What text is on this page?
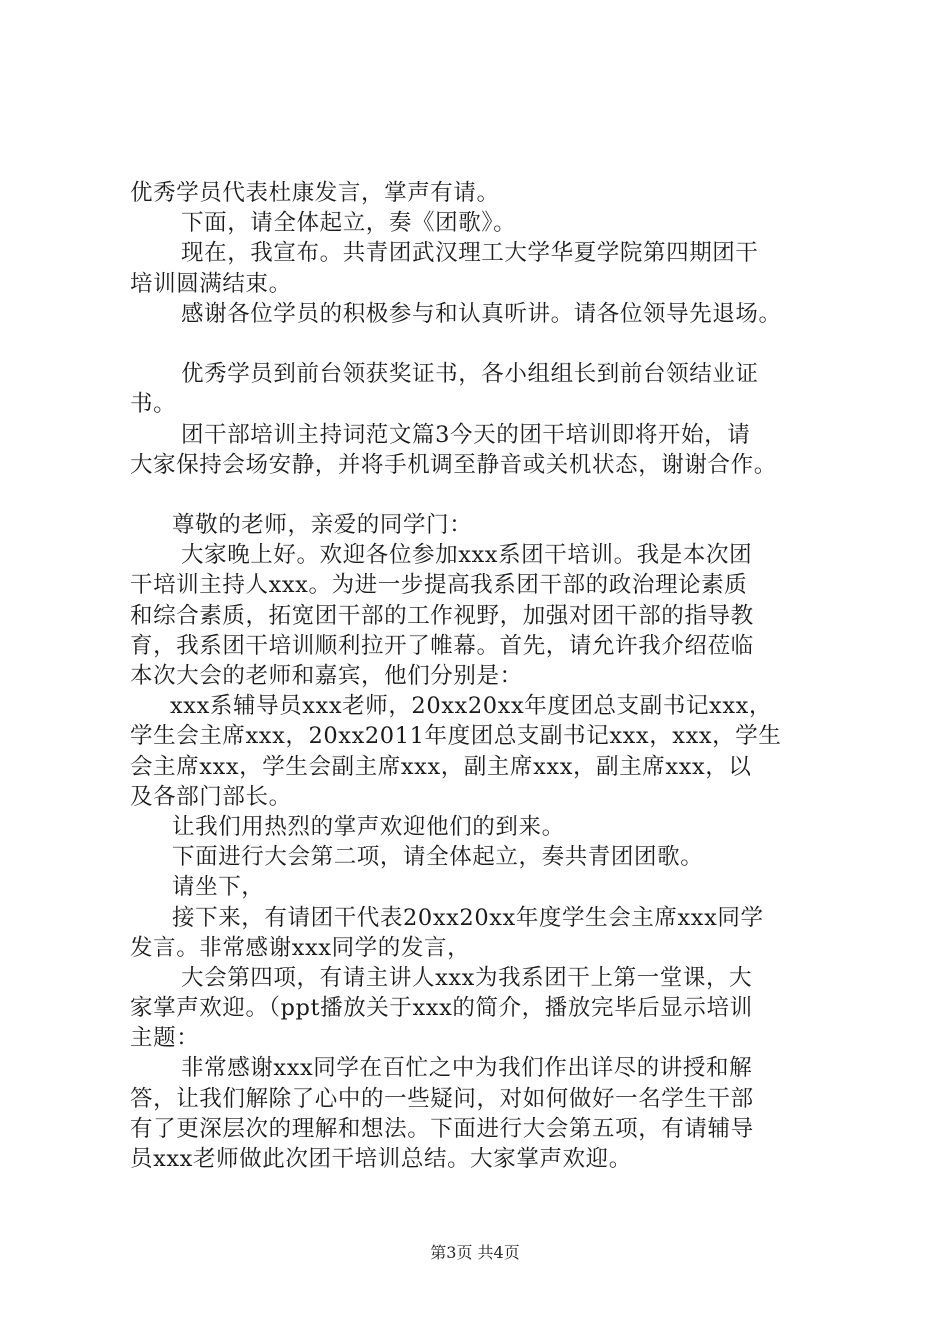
优秀学员代表杜康发言，掌声有请。
下面，请全体起立，奏《团歌》。
现在，我宣布。共青团武汉理工大学华夏学院第四期团干
培训圆满结束。
感谢各位学员的积极参与和认真听讲。请各位领导先退场。
优秀学员到前台领获奖证书，各小组组长到前台领结业证
书。
团干部培训主持词范文篇3今天的团干培训即将开始，请
大家保持会场安静，并将手机调至静音或关机状态，谢谢合作。
尊敬的老师，亲爱的同学门：
大家晚上好。欢迎各位参加xxx系团干培训。我是本次团
干培训主持人xxx。为进一步提高我系团干部的政治理论素质
和综合素质，拓宽团干部的工作视野，加强对团干部的指导教
育，我系团干培训顺利拉开了帷幕。首先，请允许我介绍莅临
本次大会的老师和嘉宾，他们分别是：
xxx系辅导员xxx老师，20xx20xx年度团总支副书记xxx，
学生会主席xxx，20xx2011年度团总支副书记xxx，xxx，学生
会主席xxx，学生会副主席xxx，副主席xxx，副主席xxx，以
及各部门部长。
让我们用热烈的掌声欢迎他们的到来。
下面进行大会第二项，请全体起立，奏共青团团歌。
请坐下，
接下来，有请团干代表20xx20xx年度学生会主席xxx同学
发言。非常感谢xxx同学的发言，
大会第四项，有请主讲人xxx为我系团干上第一堂课，大
家掌声欢迎。（ppt播放关于xxx的简介，播放完毕后显示培训
主题：
非常感谢xxx同学在百忙之中为我们作出详尽的讲授和解
答，让我们解除了心中的一些疑问，对如何做好一名学生干部
有了更深层次的理解和想法。下面进行大会第五项，有请辅导
员xxx老师做此次团干培训总结。大家掌声欢迎。
第3页 共4页
